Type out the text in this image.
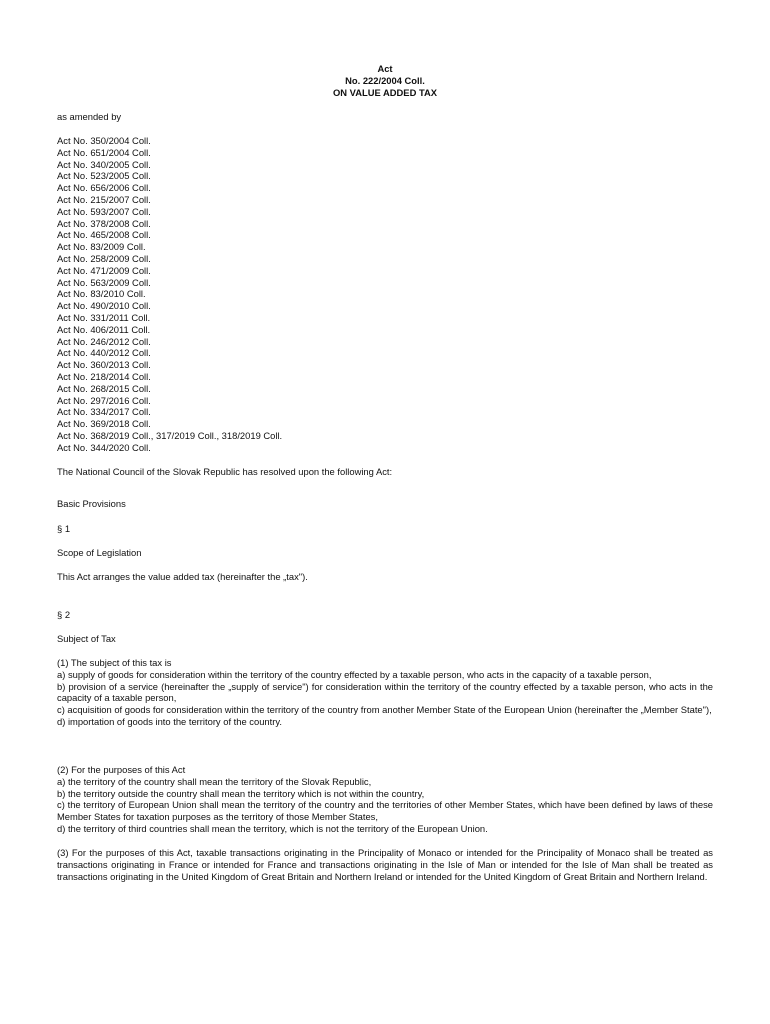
Act
No. 222/2004 Coll.
ON VALUE ADDED TAX
as amended by
Act No. 350/2004 Coll.
Act No. 651/2004 Coll.
Act No. 340/2005 Coll.
Act No. 523/2005 Coll.
Act No. 656/2006 Coll.
Act No. 215/2007 Coll.
Act No. 593/2007 Coll.
Act No. 378/2008 Coll.
Act No. 465/2008 Coll.
Act No. 83/2009 Coll.
Act No. 258/2009 Coll.
Act No. 471/2009 Coll.
Act No. 563/2009 Coll.
Act No. 83/2010 Coll.
Act No. 490/2010 Coll.
Act No. 331/2011 Coll.
Act No. 406/2011 Coll.
Act No. 246/2012 Coll.
Act No. 440/2012 Coll.
Act No. 360/2013 Coll.
Act No. 218/2014 Coll.
Act No. 268/2015 Coll.
Act No. 297/2016 Coll.
Act No. 334/2017 Coll.
Act No. 369/2018 Coll.
Act No. 368/2019 Coll., 317/2019 Coll., 318/2019 Coll.
Act No. 344/2020 Coll.
The National Council of the Slovak Republic has resolved upon the following Act:
Basic Provisions
§ 1
Scope of Legislation
This Act arranges the value added tax (hereinafter the „tax").
§ 2
Subject of Tax
(1) The subject of this tax is
a) supply of goods for consideration within the territory of the country effected by a taxable person, who acts in the capacity of a taxable person,
b) provision of a service (hereinafter the „supply of service") for consideration within the territory of the country effected by a taxable person, who acts in the capacity of a taxable person,
c) acquisition of goods for consideration within the territory of the country from another Member State of the European Union (hereinafter the „Member State"),
d) importation of goods into the territory of the country.
(2) For the purposes of this Act
a) the territory of the country shall mean the territory of the Slovak Republic,
b) the territory outside the country shall mean the territory which is not within the country,
c) the territory of European Union shall mean the territory of the country and the territories of other Member States, which have been defined by laws of these Member States for taxation purposes as the territory of those Member States,
d) the territory of third countries shall mean the territory, which is not the territory of the European Union.
(3) For the purposes of this Act, taxable transactions originating in the Principality of Monaco or intended for the Principality of Monaco shall be treated as transactions originating in France or intended for France and transactions originating in the Isle of Man or intended for the Isle of Man shall be treated as transactions originating in the United Kingdom of Great Britain and Northern Ireland or intended for the United Kingdom of Great Britain and Northern Ireland.
